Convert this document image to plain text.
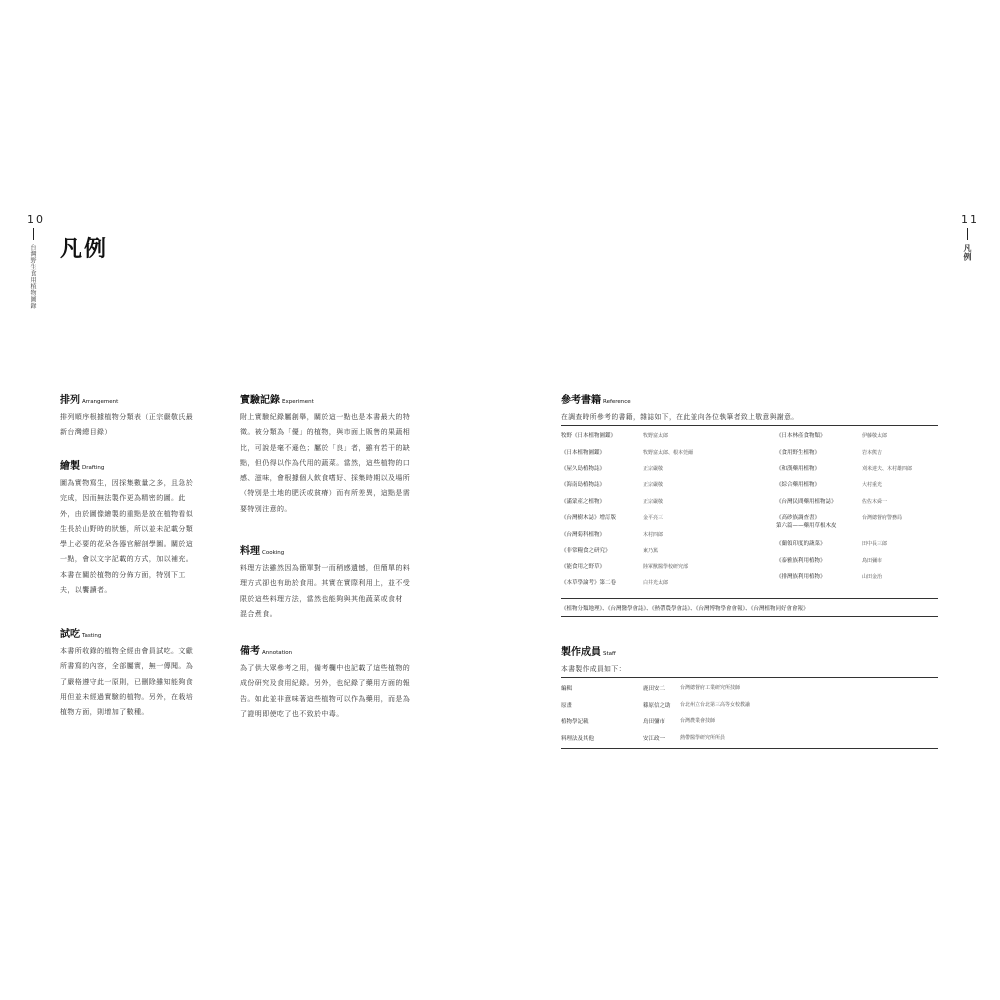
10
台灣野生食用植物圖錄 凡例
11
凡例
排列 Arrangement
排列順序根據植物分類表（正宗嚴敬氏最
新台灣總目錄）
繪製 Drafting
圖為實物寫生，因採集數量之多，且急於
完成，因而無法製作更為精密的圖。此
外，由於圖像繪製的重點是放在植物看似
生長於山野時的狀態，所以並未記載分類
學上必要的花朵各器官解剖學圖。關於這
一點，會以文字記載的方式，加以補充。
本書在關於植物的分佈方面，特別下工
夫，以饗讀者。
試吃 Tasting
本書所收錄的植物全經由會員試吃。文獻
所書寫的內容，全部屬實，無一傳聞。為
了嚴格遵守此一原則，已刪除雖知能夠食
用但並未經過實驗的植物。另外，在栽培
植物方面，則增加了數種。
實驗記錄 Experiment
附上實驗紀錄屬創舉，關於這一點也是本書最大的特
徵。被分類為「優」的植物，與市面上販售的果蔬相
比，可說是毫不遜色；屬於「良」者，雖有若干的缺
點，但仍得以作為代用的蔬菜。當然，這些植物的口
感、滋味，會根據個人飲食嗜好、採集時期以及場所
（特別是土地的肥沃或貧瘠）而有所差異，這點是需
要特別注意的。
料理 Cooking
料理方法雖然因為簡單對一而稍感遺憾，但簡單的料
理方式卻也有助於食用。其實在實際利用上，並不受
限於這些料理方法，當然也能夠與其他蔬菜或食材
混合煮食。
備考 Annotation
為了供大眾參考之用，備考欄中也記載了這些植物的
成份研究及食用紀錄。另外，也紀錄了藥用方面的報
告。如此並非意味著這些植物可以作為藥用，而是為
了證明即使吃了也不致於中毒。
參考書籍 Reference
在調查時所參考的書籍，雜誌如下，在此並向各位執筆者致上敬意與謝意。
牧野《日本植物圖鑑》	牧野富太郎
《日本植物圖鑑》	牧野富太郎、根本莞爾
《屋久島植物誌》	正宗嚴敬
《海南島植物誌》	正宗嚴敬
《滿蒙產之植物》	正宗嚴敬
《台灣樹木誌》增訂版	金平亮三
《台灣菊科植物》	木村四郎
《非常糧食之研究》	東乃篤
《能食用之野草》	陸軍獸醫學校研究部
《本草學論考》第二卷	白井光太郎
《日本林產食物類》	伊藤敬太郎
《食用野生植物》	岩本熊吉
《和漢藥用植物》	刈米達夫、木村雄四郎
《綜合藥用植物》	大村重光
《台灣民間藥用植物誌》	佐佐木舜一
《高砂族調查書》
第六篇——藥用草根木皮
台灣總督府警務局
《蘭領印度的蔬菜》	田中長三郎
《泰雅族利用植物》	鳥田彌市
《排灣族利用植物》	山田金治
《植物分類地理》、《台灣醫學會誌》、《熱帶農學會誌》、《台灣博物學會會報》、《台灣植物同好會會報》
製作成員 Staff
本書製作成員如下：
編輯	鹿田安二	台灣總督府工業研究所技師
原畫	篠原信之助 台北州立台北第三高等女校教諭
植物學記載	鳥田彌市	台灣農業會技師
料理法及其他	安江政一	熱帶醫學研究所所員
